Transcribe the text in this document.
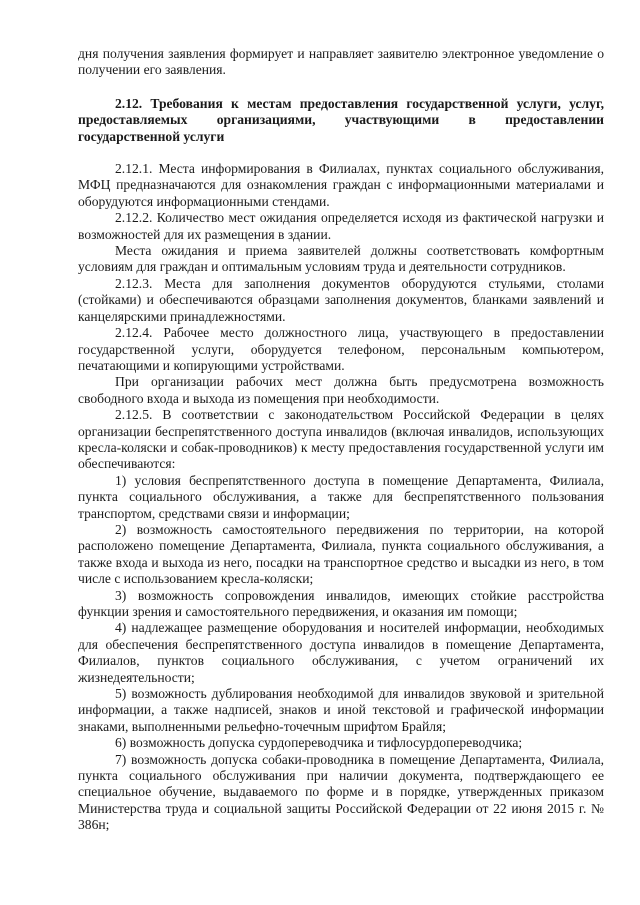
дня получения заявления формирует и направляет заявителю электронное уведомление о получении его заявления.

2.12. Требования к местам предоставления государственной услуги, услуг, предоставляемых организациями, участвующими в предоставлении государственной услуги

2.12.1. Места информирования в Филиалах, пунктах социального обслуживания, МФЦ предназначаются для ознакомления граждан с информационными материалами и оборудуются информационными стендами.

2.12.2. Количество мест ожидания определяется исходя из фактической нагрузки и возможностей для их размещения в здании.

Места ожидания и приема заявителей должны соответствовать комфортным условиям для граждан и оптимальным условиям труда и деятельности сотрудников.

2.12.3. Места для заполнения документов оборудуются стульями, столами (стойками) и обеспечиваются образцами заполнения документов, бланками заявлений и канцелярскими принадлежностями.

2.12.4. Рабочее место должностного лица, участвующего в предоставлении государственной услуги, оборудуется телефоном, персональным компьютером, печатающими и копирующими устройствами.

При организации рабочих мест должна быть предусмотрена возможность свободного входа и выхода из помещения при необходимости.

2.12.5. В соответствии с законодательством Российской Федерации в целях организации беспрепятственного доступа инвалидов (включая инвалидов, использующих кресла-коляски и собак-проводников) к месту предоставления государственной услуги им обеспечиваются:

1) условия беспрепятственного доступа в помещение Департамента, Филиала, пункта социального обслуживания, а также для беспрепятственного пользования транспортом, средствами связи и информации;

2) возможность самостоятельного передвижения по территории, на которой расположено помещение Департамента, Филиала, пункта социального обслуживания, а также входа и выхода из него, посадки на транспортное средство и высадки из него, в том числе с использованием кресла-коляски;

3) возможность сопровождения инвалидов, имеющих стойкие расстройства функции зрения и самостоятельного передвижения, и оказания им помощи;

4) надлежащее размещение оборудования и носителей информации, необходимых для обеспечения беспрепятственного доступа инвалидов в помещение Департамента, Филиалов, пунктов социального обслуживания, с учетом ограничений их жизнедеятельности;

5) возможность дублирования необходимой для инвалидов звуковой и зрительной информации, а также надписей, знаков и иной текстовой и графической информации знаками, выполненными рельефно-точечным шрифтом Брайля;

6) возможность допуска сурдопереводчика и тифлосурдопереводчика;

7) возможность допуска собаки-проводника в помещение Департамента, Филиала, пункта социального обслуживания при наличии документа, подтверждающего ее специальное обучение, выдаваемого по форме и в порядке, утвержденных приказом Министерства труда и социальной защиты Российской Федерации от 22 июня 2015 г. № 386н;
